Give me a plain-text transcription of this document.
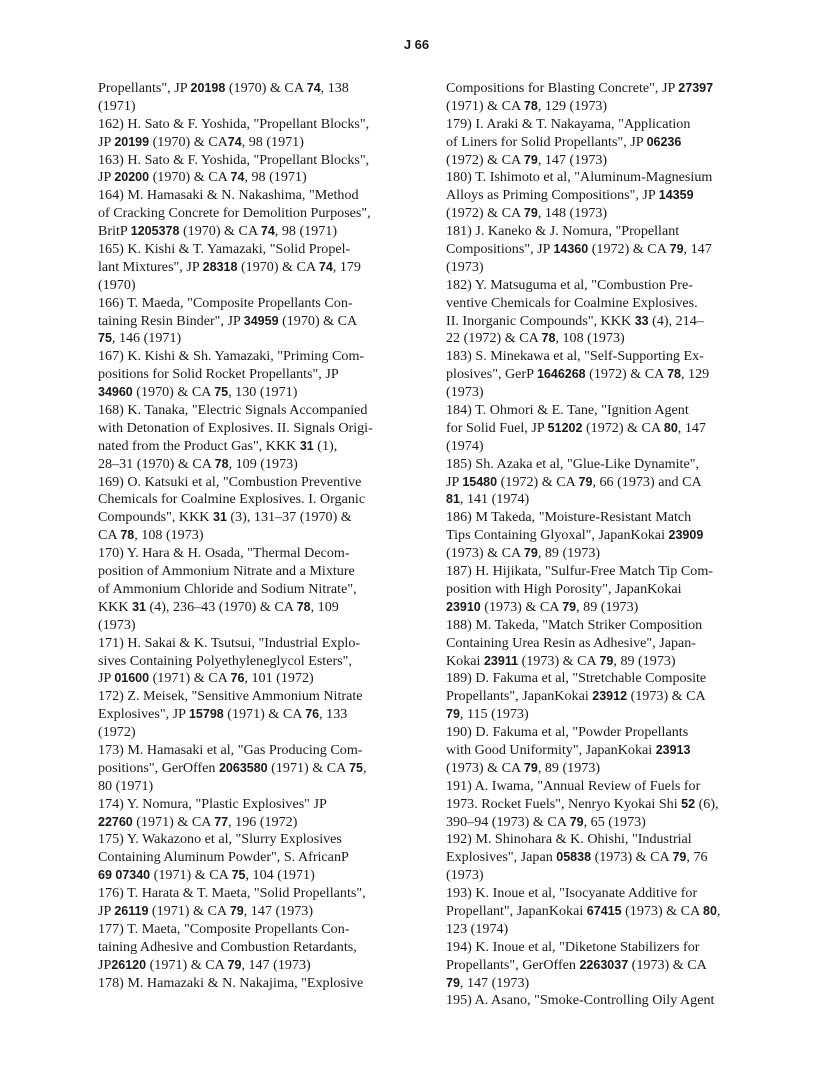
J 66
Propellants", JP 20198 (1970) & CA 74, 138
(1971)
162) H. Sato & F. Yoshida, "Propellant Blocks",
JP 20199 (1970) & CA74, 98 (1971)
163) H. Sato & F. Yoshida, "Propellant Blocks",
JP 20200 (1970) & CA 74, 98 (1971)
164) M. Hamasaki & N. Nakashima, "Method
of Cracking Concrete for Demolition Purposes",
BritP 1205378 (1970) & CA 74, 98 (1971)
165) K. Kishi & T. Yamazaki, "Solid Propel-
lant Mixtures", JP 28318 (1970) & CA 74, 179
(1970)
166) T. Maeda, "Composite Propellants Con-
taining Resin Binder", JP 34959 (1970) & CA
75, 146 (1971)
167) K. Kishi & Sh. Yamazaki, "Priming Com-
positions for Solid Rocket Propellants", JP
34960 (1970) & CA 75, 130 (1971)
168) K. Tanaka, "Electric Signals Accompanied
with Detonation of Explosives. II. Signals Origi-
nated from the Product Gas", KKK 31 (1),
28–31 (1970) & CA 78, 109 (1973)
169) O. Katsuki et al, "Combustion Preventive
Chemicals for Coalmine Explosives. I. Organic
Compounds", KKK 31 (3), 131–37 (1970) &
CA 78, 108 (1973)
170) Y. Hara & H. Osada, "Thermal Decom-
position of Ammonium Nitrate and a Mixture
of Ammonium Chloride and Sodium Nitrate",
KKK 31 (4), 236–43 (1970) & CA 78, 109
(1973)
171) H. Sakai & K. Tsutsui, "Industrial Explo-
sives Containing Polyethyleneglycol Esters",
JP 01600 (1971) & CA 76, 101 (1972)
172) Z. Meisek, "Sensitive Ammonium Nitrate
Explosives", JP 15798 (1971) & CA 76, 133
(1972)
173) M. Hamasaki et al, "Gas Producing Com-
positions", GerOffen 2063580 (1971) & CA 75,
80 (1971)
174) Y. Nomura, "Plastic Explosives" JP
22760 (1971) & CA 77, 196 (1972)
175) Y. Wakazono et al, "Slurry Explosives
Containing Aluminum Powder", S. AfricanP
69 07340 (1971) & CA 75, 104 (1971)
176) T. Harata & T. Maeta, "Solid Propellants",
JP 26119 (1971) & CA 79, 147 (1973)
177) T. Maeta, "Composite Propellants Con-
taining Adhesive and Combustion Retardants,
JP26120 (1971) & CA 79, 147 (1973)
178) M. Hamazaki & N. Nakajima, "Explosive
Compositions for Blasting Concrete", JP 27397
(1971) & CA 78, 129 (1973)
179) I. Araki & T. Nakayama, "Application
of Liners for Solid Propellants", JP 06236
(1972) & CA 79, 147 (1973)
180) T. Ishimoto et al, "Aluminum-Magnesium
Alloys as Priming Compositions", JP 14359
(1972) & CA 79, 148 (1973)
181) J. Kaneko & J. Nomura, "Propellant
Compositions", JP 14360 (1972) & CA 79, 147
(1973)
182) Y. Matsuguma et al, "Combustion Pre-
ventive Chemicals for Coalmine Explosives.
II. Inorganic Compounds", KKK 33 (4), 214–
22 (1972) & CA 78, 108 (1973)
183) S. Minekawa et al, "Self-Supporting Ex-
plosives", GerP 1646268 (1972) & CA 78, 129
(1973)
184) T. Ohmori & E. Tane, "Ignition Agent
for Solid Fuel, JP 51202 (1972) & CA 80, 147
(1974)
185) Sh. Azaka et al, "Glue-Like Dynamite",
JP 15480 (1972) & CA 79, 66 (1973) and CA
81, 141 (1974)
186) M Takeda, "Moisture-Resistant Match
Tips Containing Glyoxal", JapanKokai 23909
(1973) & CA 79, 89 (1973)
187) H. Hijikata, "Sulfur-Free Match Tip Com-
position with High Porosity", JapanKokai
23910 (1973) & CA 79, 89 (1973)
188) M. Takeda, "Match Striker Composition
Containing Urea Resin as Adhesive", Japan-
Kokai 23911 (1973) & CA 79, 89 (1973)
189) D. Fakuma et al, "Stretchable Composite
Propellants", JapanKokai 23912 (1973) & CA
79, 115 (1973)
190) D. Fakuma et al, "Powder Propellants
with Good Uniformity", JapanKokai 23913
(1973) & CA 79, 89 (1973)
191) A. Iwama, "Annual Review of Fuels for
1973. Rocket Fuels", Nenryo Kyokai Shi 52 (6),
390–94 (1973) & CA 79, 65 (1973)
192) M. Shinohara & K. Ohishi, "Industrial
Explosives", Japan 05838 (1973) & CA 79, 76
(1973)
193) K. Inoue et al, "Isocyanate Additive for
Propellant", JapanKokai 67415 (1973) & CA 80,
123 (1974)
194) K. Inoue et al, "Diketone Stabilizers for
Propellants", GerOffen 2263037 (1973) & CA
79, 147 (1973)
195) A. Asano, "Smoke-Controlling Oily Agent
